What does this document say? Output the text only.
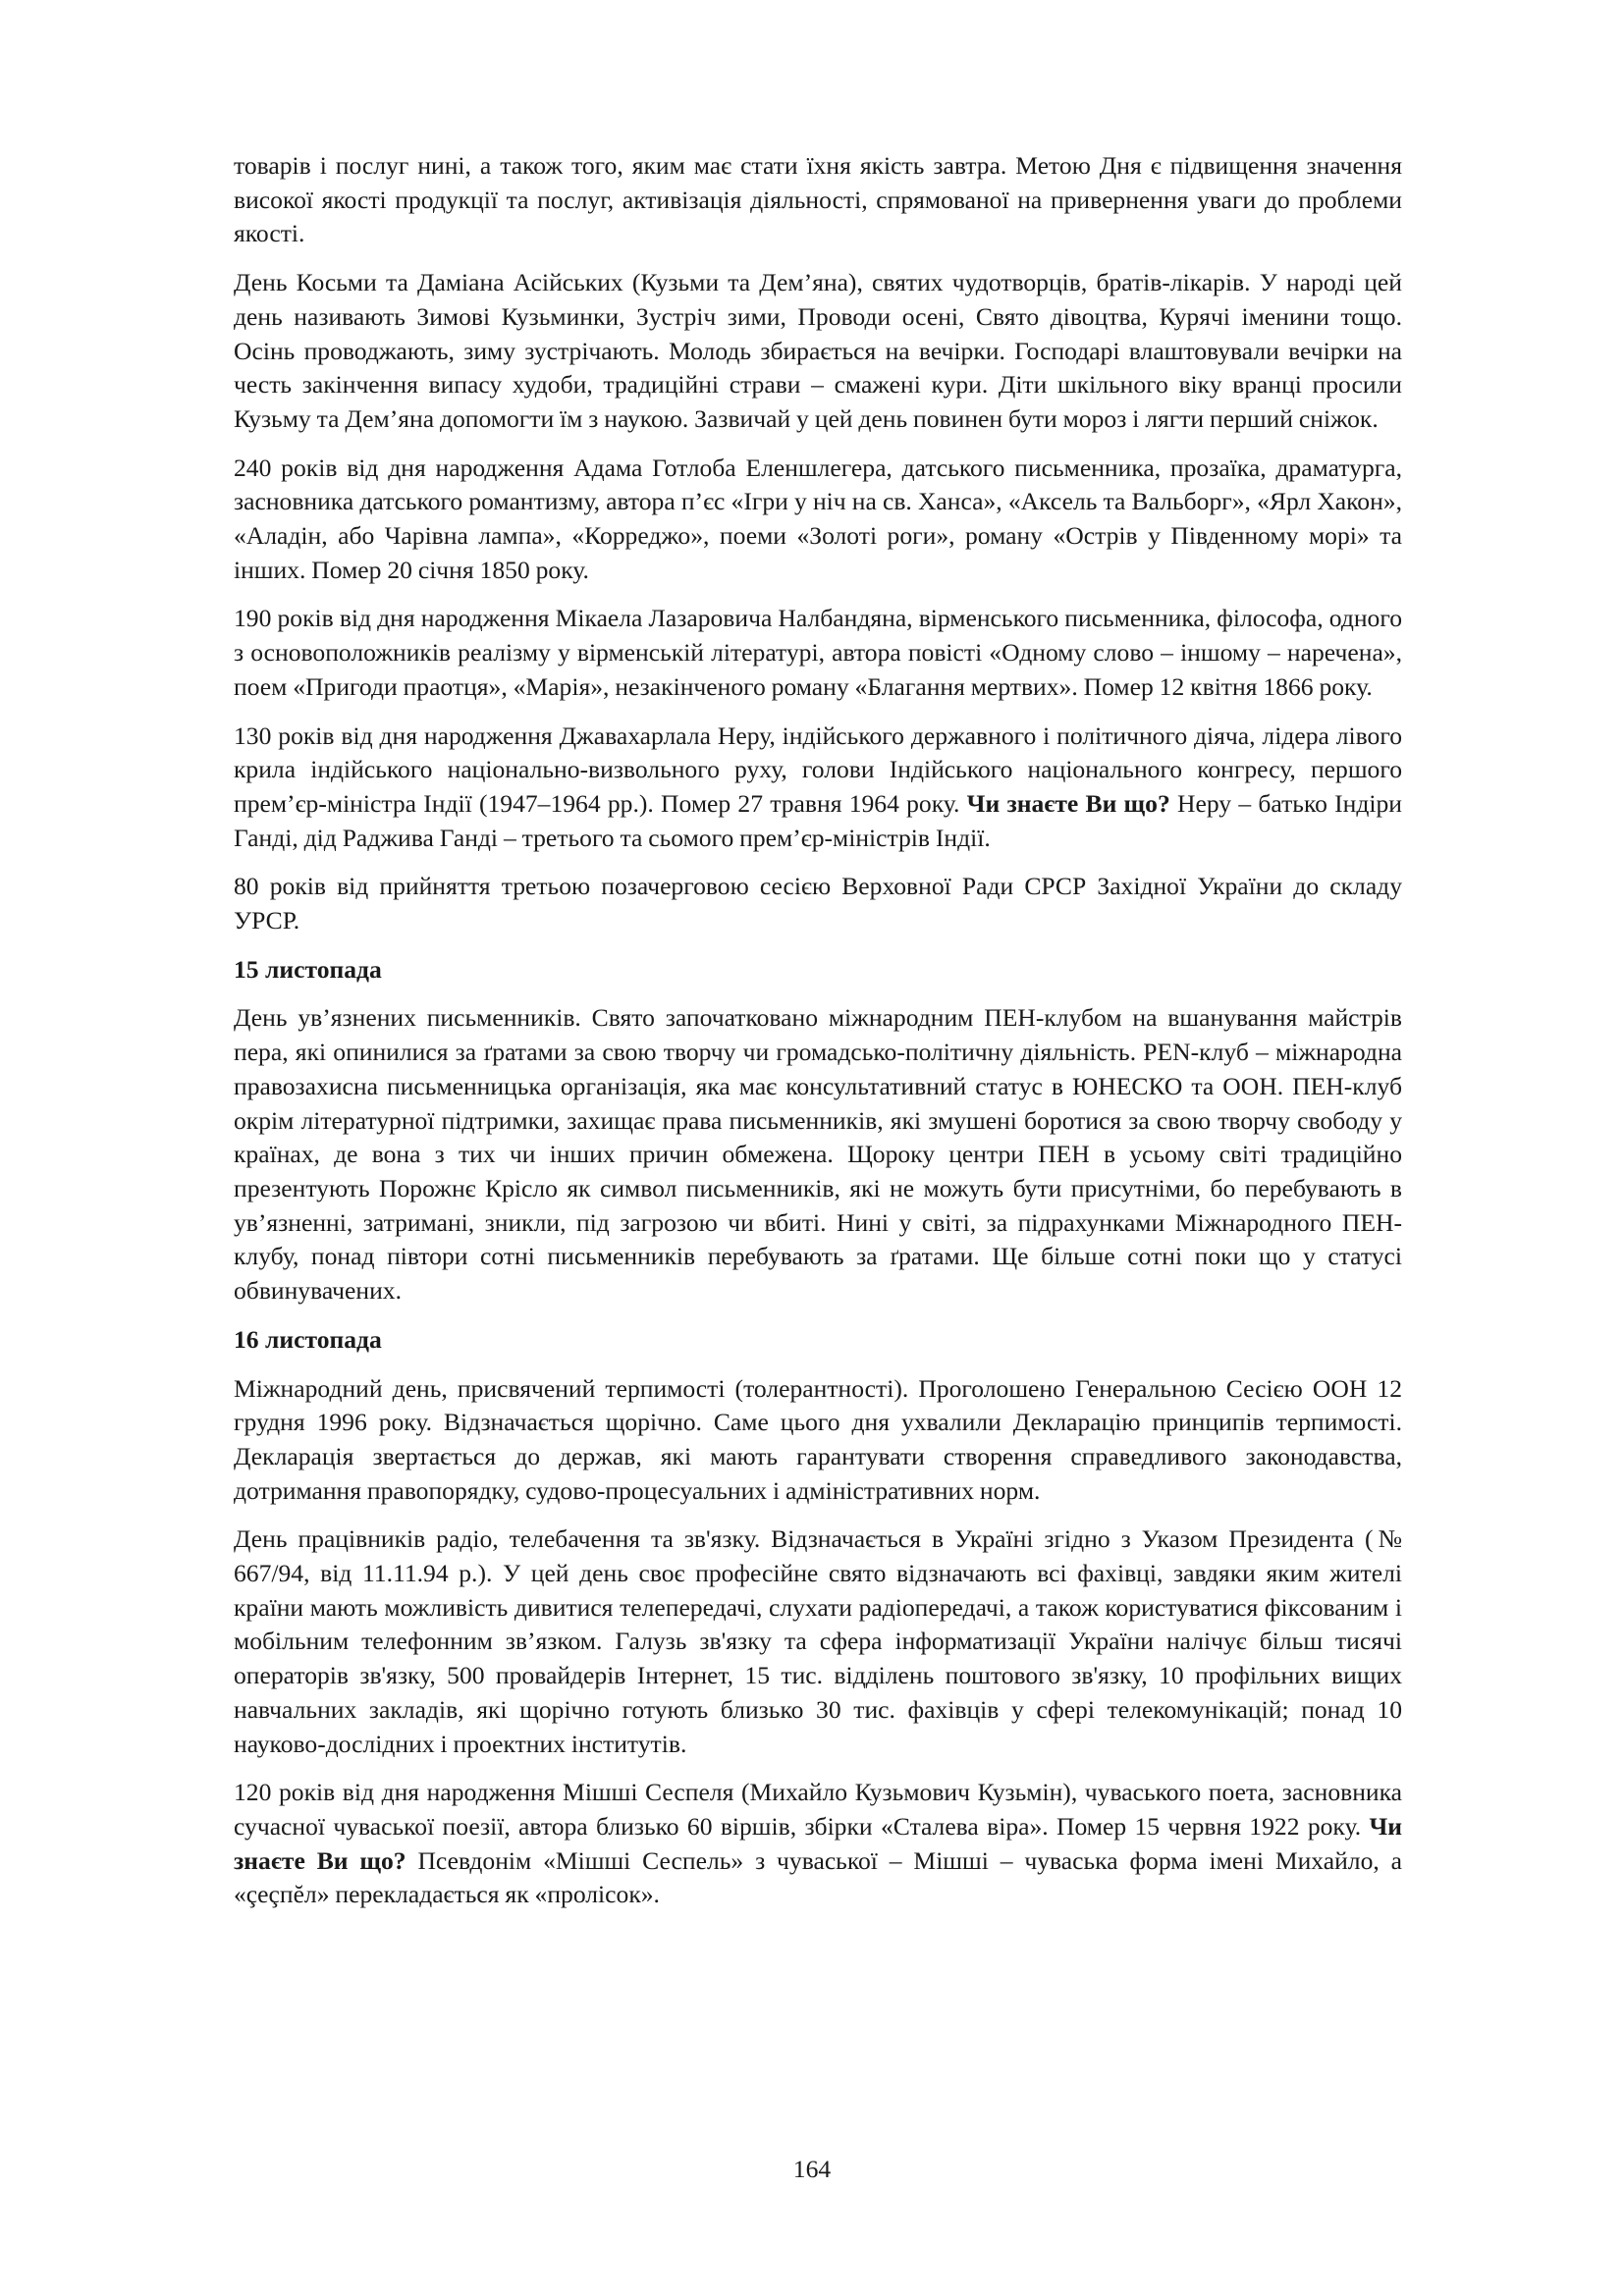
товарів і послуг нині, а також того, яким має стати їхня якість завтра. Метою Дня є підвищення значення високої якості продукції та послуг, активізація діяльності, спрямованої на привернення уваги до проблеми якості.

День Косьми та Даміана Асійських (Кузьми та Дем’яна), святих чудотворців, братів-лікарів. У народі цей день називають Зимові Кузьминки, Зустріч зими, Проводи осені, Свято дівоцтва, Курячі іменини тощо. Осінь проводжають, зиму зустрічають. Молодь збирається на вечірки. Господарі влаштовували вечірки на честь закінчення випасу худоби, традиційні страви – смажені кури. Діти шкільного віку вранці просили Кузьму та Дем’яна допомогти їм з наукою. Зазвичай у цей день повинен бути мороз і лягти перший сніжок.

240 років від дня народження Адама Готлоба Еленшлегера, датського письменника, прозаїка, драматурга, засновника датського романтизму, автора п’єс «Ігри у ніч на св. Ханса», «Аксель та Вальборг», «Ярл Хакон», «Аладін, або Чарівна лампа», «Корреджо», поеми «Золоті роги», роману «Острів у Південному морі» та інших. Помер 20 січня 1850 року.

190 років від дня народження Мікаела Лазаровича Налбандяна, вірменського письменника, філософа, одного з основоположників реалізму у вірменській літературі, автора повісті «Одному слово – іншому – наречена», поем «Пригоди праотця», «Марія», незакінченого роману «Благання мертвих». Помер 12 квітня 1866 року.

130 років від дня народження Джавахарлала Неру, індійського державного і політичного діяча, лідера лівого крила індійського національно-визвольного руху, голови Індійського національного конгресу, першого прем’єр-міністра Індії (1947–1964 рр.). Помер 27 травня 1964 року. Чи знаєте Ви що? Неру – батько Індіри Ганді, дід Раджива Ганді – третього та сьомого прем’єр-міністрів Індії.

80 років від прийняття третьою позачерговою сесією Верховної Ради СРСР Західної України до складу УРСР.

15 листопада

День ув’язнених письменників. Свято започатковано міжнародним ПЕН-клубом на вшанування майстрів пера, які опинилися за ґратами за свою творчу чи громадсько-політичну діяльність. PEN-клуб – міжнародна правозахисна письменницька організація, яка має консультативний статус в ЮНЕСКО та ООН. ПЕН-клуб окрім літературної підтримки, захищає права письменників, які змушені боротися за свою творчу свободу у країнах, де вона з тих чи інших причин обмежена. Щороку центри ПЕН в усьому світі традиційно презентують Порожнє Крісло як символ письменників, які не можуть бути присутніми, бо перебувають в ув’язненні, затримані, зникли, під загрозою чи вбиті. Нині у світі, за підрахунками Міжнародного ПЕН-клубу, понад півтори сотні письменників перебувають за ґратами. Ще більше сотні поки що у статусі обвинувачених.

16 листопада

Міжнародний день, присвячений терпимості (толерантності). Проголошено Генеральною Сесією ООН 12 грудня 1996 року. Відзначається щорічно. Саме цього дня ухвалили Декларацію принципів терпимості. Декларація звертається до держав, які мають гарантувати створення справедливого законодавства, дотримання правопорядку, судово-процесуальних і адміністративних норм.

День працівників радіо, телебачення та зв'язку. Відзначається в Україні згідно з Указом Президента (№ 667/94, від 11.11.94 р.). У цей день своє професійне свято відзначають всі фахівці, завдяки яким жителі країни мають можливість дивитися телепередачі, слухати радіопередачі, а також користуватися фіксованим і мобільним телефонним зв’язком. Галузь зв'язку та сфера інформатизації України налічує більш тисячі операторів зв'язку, 500 провайдерів Інтернет, 15 тис. відділень поштового зв'язку, 10 профільних вищих навчальних закладів, які щорічно готують близько 30 тис. фахівців у сфері телекомунікацій; понад 10 науково-дослідних і проектних інститутів.

120 років від дня народження Мішші Сеспеля (Михайло Кузьмович Кузьмін), чуваського поета, засновника сучасної чуваської поезії, автора близько 60 віршів, збірки «Сталева віра». Помер 15 червня 1922 року. Чи знаєте Ви що? Псевдонім «Мішші Сеспель» з чуваської – Мішші – чуваська форма імені Михайло, а «çеçпĕл» перекладається як «пролісок».

164
